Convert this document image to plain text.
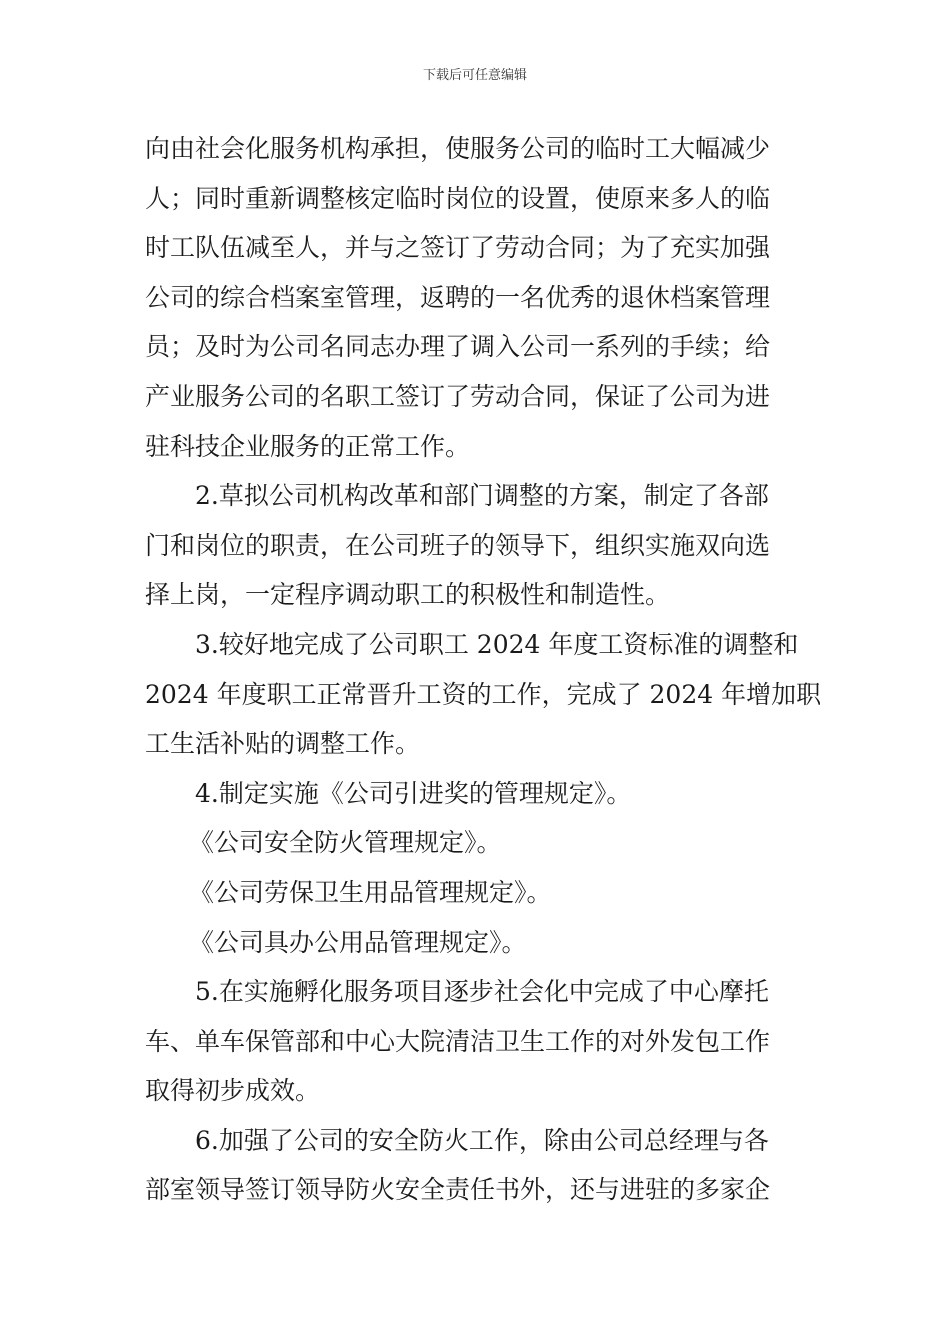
下载后可任意编辑

向由社会化服务机构承担，使服务公司的临时工大幅减少
人；同时重新调整核定临时岗位的设置，使原来多人的临
时工队伍减至人，并与之签订了劳动合同；为了充实加强
公司的综合档案室管理，返聘的一名优秀的退休档案管理
员；及时为公司名同志办理了调入公司一系列的手续；给
产业服务公司的名职工签订了劳动合同，保证了公司为进
驻科技企业服务的正常工作。

2.草拟公司机构改革和部门调整的方案，制定了各部
门和岗位的职责，在公司班子的领导下，组织实施双向选
择上岗，一定程序调动职工的积极性和制造性。

3.较好地完成了公司职工 2024 年度工资标准的调整和
2024 年度职工正常晋升工资的工作，完成了 2024 年增加职
工生活补贴的调整工作。

4.制定实施《公司引进奖的管理规定》。

《公司安全防火管理规定》。

《公司劳保卫生用品管理规定》。

《公司具办公用品管理规定》。

5.在实施孵化服务项目逐步社会化中完成了中心摩托
车、单车保管部和中心大院清洁卫生工作的对外发包工作
取得初步成效。

6.加强了公司的安全防火工作，除由公司总经理与各
部室领导签订领导防火安全责任书外，还与进驻的多家企
